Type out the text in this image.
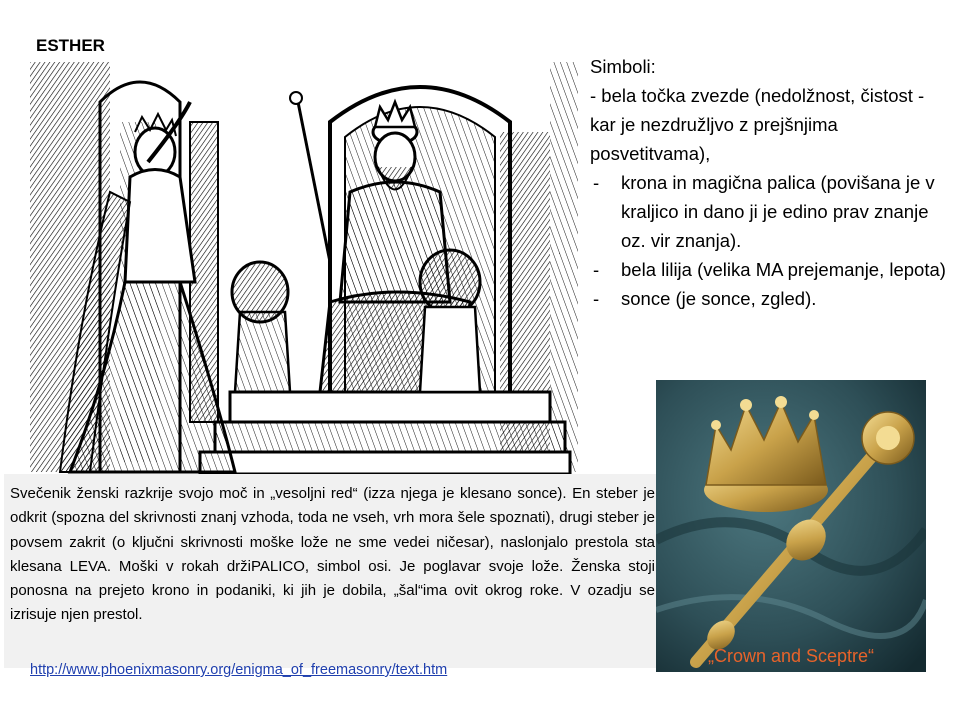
ESTHER

Simboli:

- bela točka zvezde (nedolžnost, čistost - kar je nezdružljvo z prejšnjima posvetitvama),

- krona in magična palica (povišana je v kraljico in dano ji je edino prav znanje oz. vir znanja).
- bela lilija (velika MA prejemanje, lepota)
- sonce (je sonce, zgled).
„Crown and Sceptre“

Svečenik ženski razkrije svojo moč in „vesoljni red“ (izza njega je klesano sonce). En steber je odkrit (spozna del skrivnosti znanj vzhoda, toda ne vseh, vrh mora šele spoznati), drugi steber je povsem zakrit (o ključni skrivnosti moške lože ne sme vedei ničesar), naslonjalo prestola sta klesana LEVA. Moški v rokah držiPALICO, simbol osi. Je poglavar svoje lože. Ženska stoji ponosna na prejeto krono in podaniki, ki jih je dobila, „šal“ima ovit okrog roke. V ozadju se izrisuje njen prestol.

http://www.phoenixmasonry.org/enigma_of_freemasonry/text.htm
